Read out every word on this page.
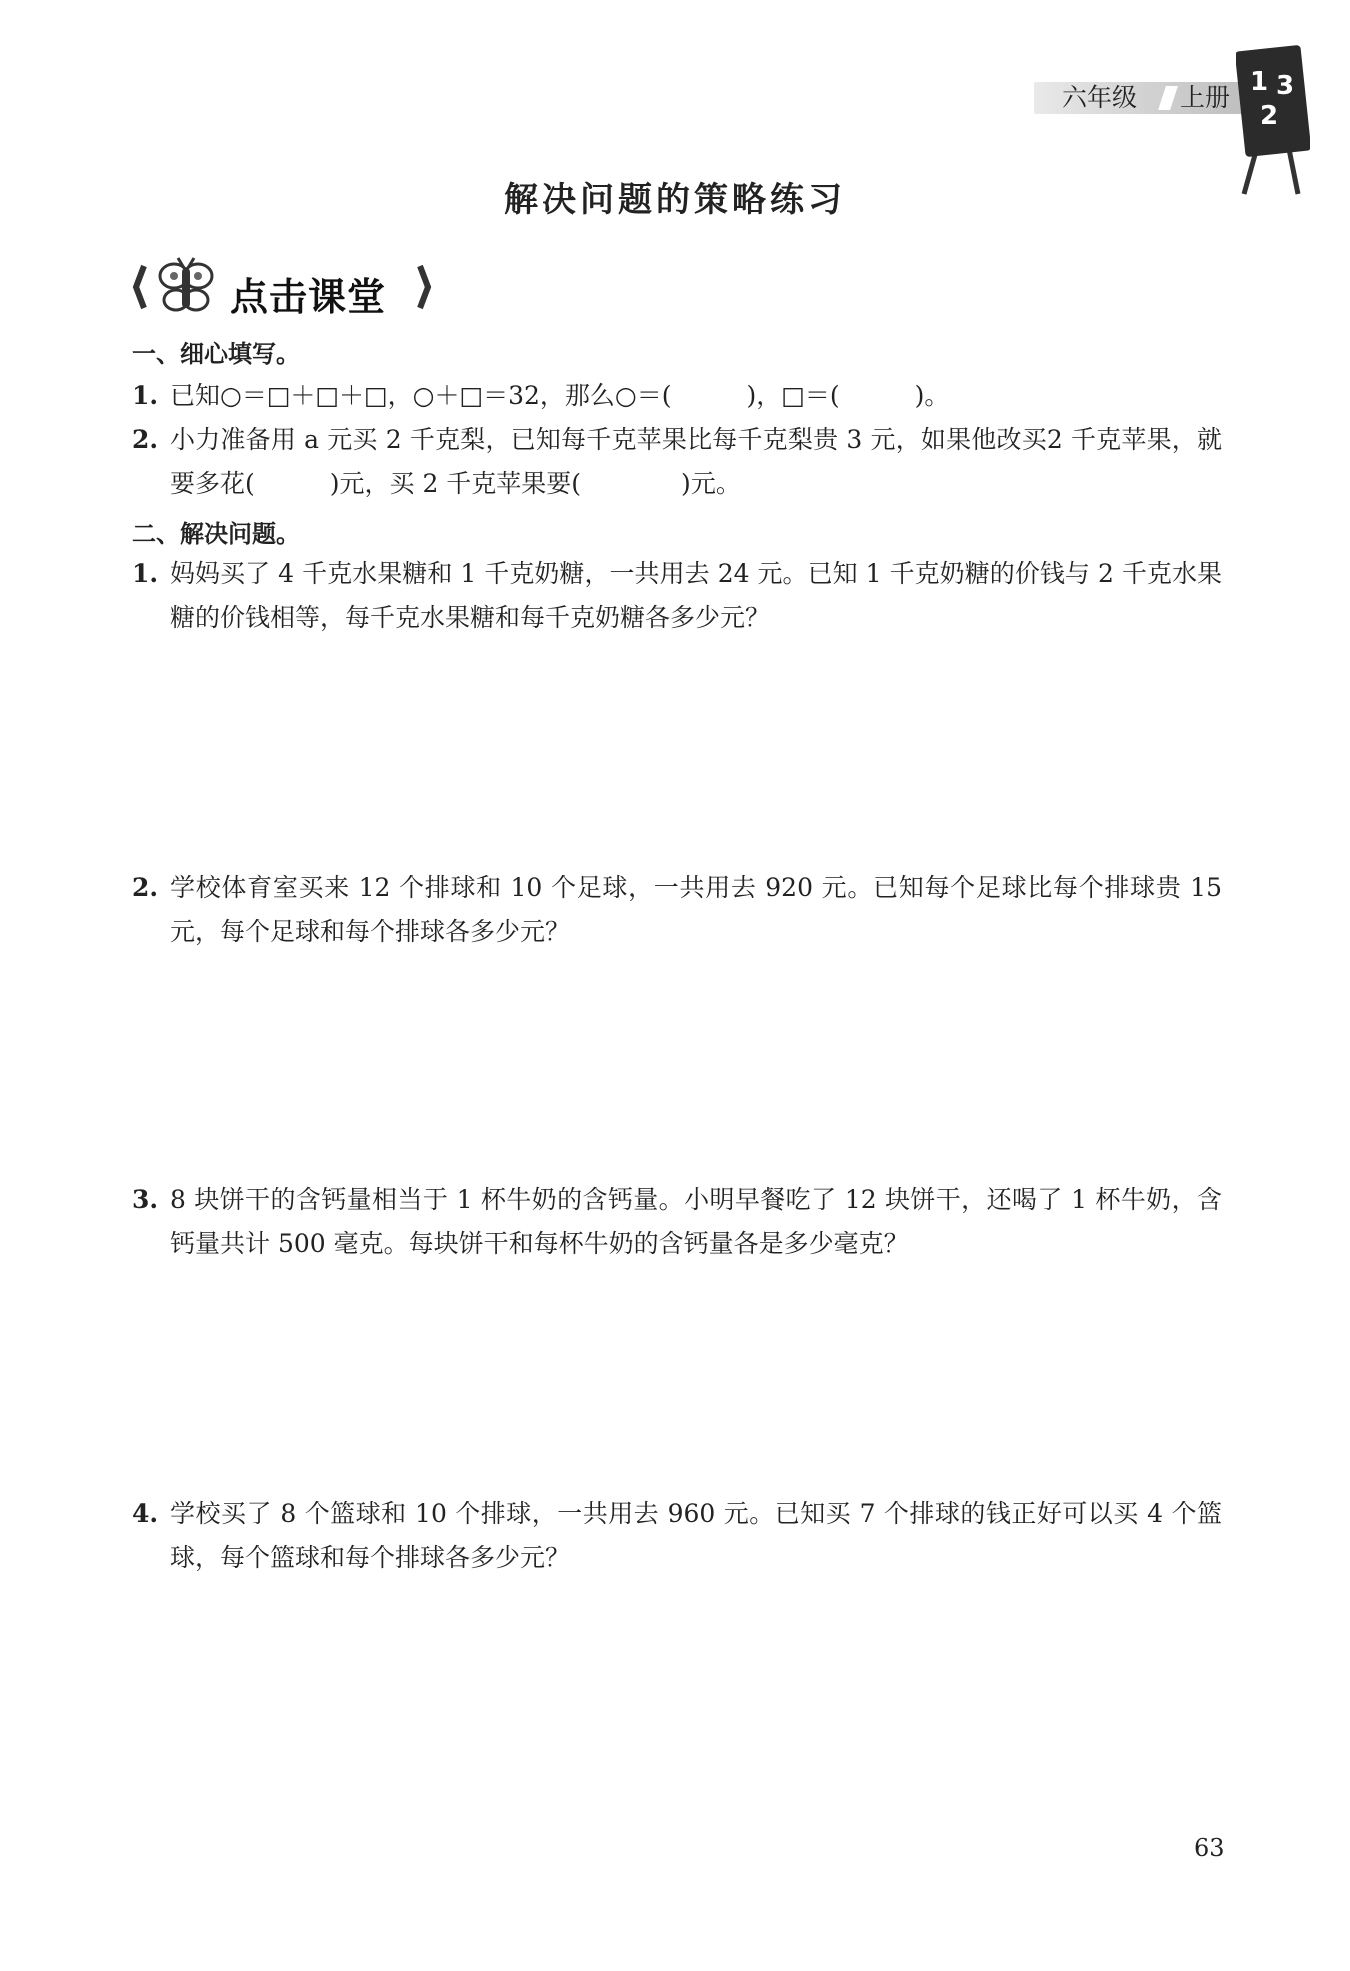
六年级 上册
1 3
2
解决问题的策略练习
点击课堂
一、细心填写。
1. 已知○＝□＋□＋□，○＋□＝32，那么○＝(　　　)，□＝(　　　)。
2. 小力准备用 a 元买 2 千克梨，已知每千克苹果比每千克梨贵 3 元，如果他改买2 千克苹果，就要多花(　　　)元，买 2 千克苹果要(　　　　)元。
二、解决问题。
1. 妈妈买了 4 千克水果糖和 1 千克奶糖，一共用去 24 元。已知 1 千克奶糖的价钱与 2 千克水果糖的价钱相等，每千克水果糖和每千克奶糖各多少元？
2. 学校体育室买来 12 个排球和 10 个足球，一共用去 920 元。已知每个足球比每个排球贵 15 元，每个足球和每个排球各多少元？
3. 8 块饼干的含钙量相当于 1 杯牛奶的含钙量。小明早餐吃了 12 块饼干，还喝了 1 杯牛奶，含钙量共计 500 毫克。每块饼干和每杯牛奶的含钙量各是多少毫克？
4. 学校买了 8 个篮球和 10 个排球，一共用去 960 元。已知买 7 个排球的钱正好可以买 4 个篮球，每个篮球和每个排球各多少元？
63
